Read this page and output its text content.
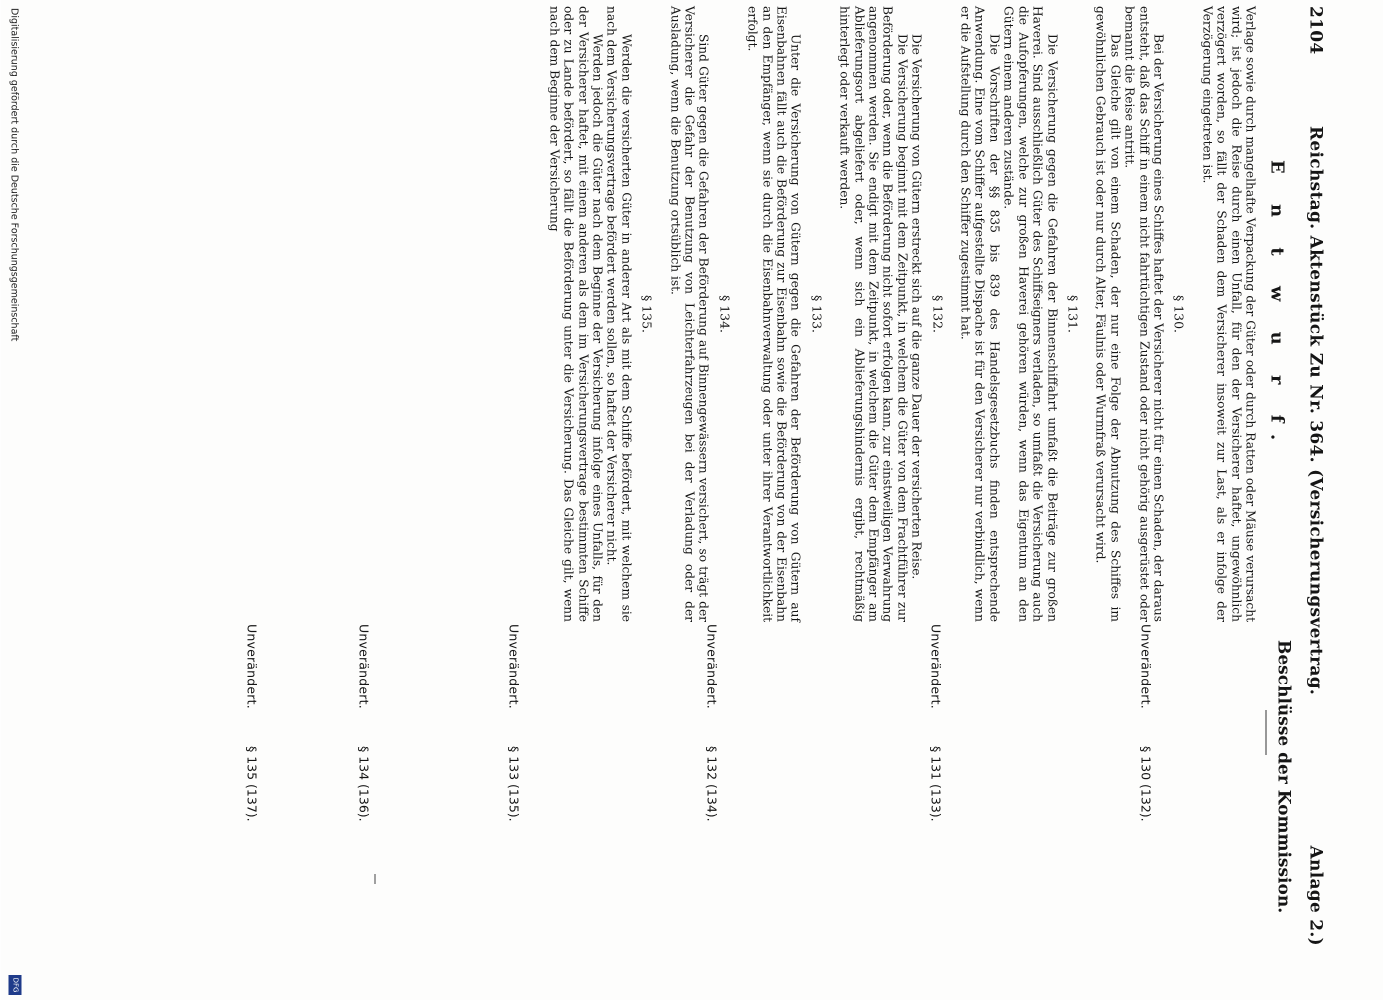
2104
Reichstag. Aktenstück Zu Nr. 364. (Versicherungsvertrag.
Anlage 2.)
E n t w u r f.
Beschlüsse der Kommission.

Verlage sowie durch mangelhafte Verpackung der Güter oder durch Ratten oder Mäuse verursacht wird; ist jedoch die Reise durch einen Unfall, für den der Versicherer haftet, ungewöhnlich verzögert worden, so fällt der Schaden dem Versicherer insoweit zur Last, als er infolge der Verzögerung eingetreten ist.

§ 130.

Bei der Versicherung eines Schiffes haftet der Versicherer nicht für einen Schaden, der daraus entsteht, daß das Schiff in einem nicht fahrtüchtigen Zustand oder nicht gehörig ausgerüstet oder bemannt die Reise antritt.

Das Gleiche gilt von einem Schaden, der nur eine Folge der Abnutzung des Schiffes im gewöhnlichen Gebrauch ist oder nur durch Alter, Fäulnis oder Wurmfraß verursacht wird.

§ 131.

Die Versicherung gegen die Gefahren der Binnenschiffahrt umfaßt die Beiträge zur großen Haverei. Sind ausschließlich Güter des Schiffseigners verladen, so umfaßt die Versicherung auch die Aufopferungen, welche zur großen Haverei gehören würden, wenn das Eigentum an den Gütern einem anderen zustände.

Die Vorschriften der §§ 835 bis 839 des Handelsgesetzbuchs finden entsprechende Anwendung. Eine vom Schiffer aufgestellte Dispache ist für den Versicherer nur verbindlich, wenn er die Aufstellung durch den Schiffer zugestimmt hat.

§ 132.

Die Versicherung von Gütern erstreckt sich auf die ganze Dauer der versicherten Reise.

Die Versicherung beginnt mit dem Zeitpunkt, in welchem die Güter von dem Frachtführer zur Beförderung oder, wenn die Beförderung nicht sofort erfolgen kann, zur einstweiligen Verwahrung angenommen werden. Sie endigt mit dem Zeitpunkt, in welchem die Güter dem Empfänger am Ablieferungsort abgeliefert oder, wenn sich ein Ablieferungshindernis ergibt, rechtmäßig hinterlegt oder verkauft werden.

§ 133.

Unter die Versicherung von Gütern gegen die Gefahren der Beförderung von Gütern auf Eisenbahnen fällt auch die Beförderung zur Eisenbahn sowie die Beförderung von der Eisenbahn an den Empfänger, wenn sie durch die Eisenbahnverwaltung oder unter ihrer Verantwortlichkeit erfolgt.

§ 134.

Sind Güter gegen die Gefahren der Beförderung auf Binnengewässern versichert, so trägt der Versicherer die Gefahr der Benutzung von Leichterfahrzeugen bei der Verladung oder der Ausladung, wenn die Benutzung ortsüblich ist.

§ 135.

Werden die versicherten Güter in anderer Art als mit dem Schiffe befördert, mit welchem sie nach dem Versicherungsvertrage befördert werden sollen, so haftet der Versicherer nicht.

Werden jedoch die Güter nach dem Beginne der Versicherung infolge eines Unfalls, für den der Versicherer haftet, mit einem anderen als dem im Versicherungsvertrage bestimmten Schiffe oder zu Lande befördert, so fällt die Beförderung unter die Versicherung. Das Gleiche gilt, wenn nach dem Beginne der Versicherung

Unverändert.
§ 130 (132).
Unverändert.
§ 131 (133).
Unverändert.
§ 132 (134).
Unverändert.
§ 133 (135).
Unverändert.
§ 134 (136).
Unverändert.
§ 135 (137).
Digitalisierung gefördert durch die Deutsche Forschungsgemeinschaft
DFG
